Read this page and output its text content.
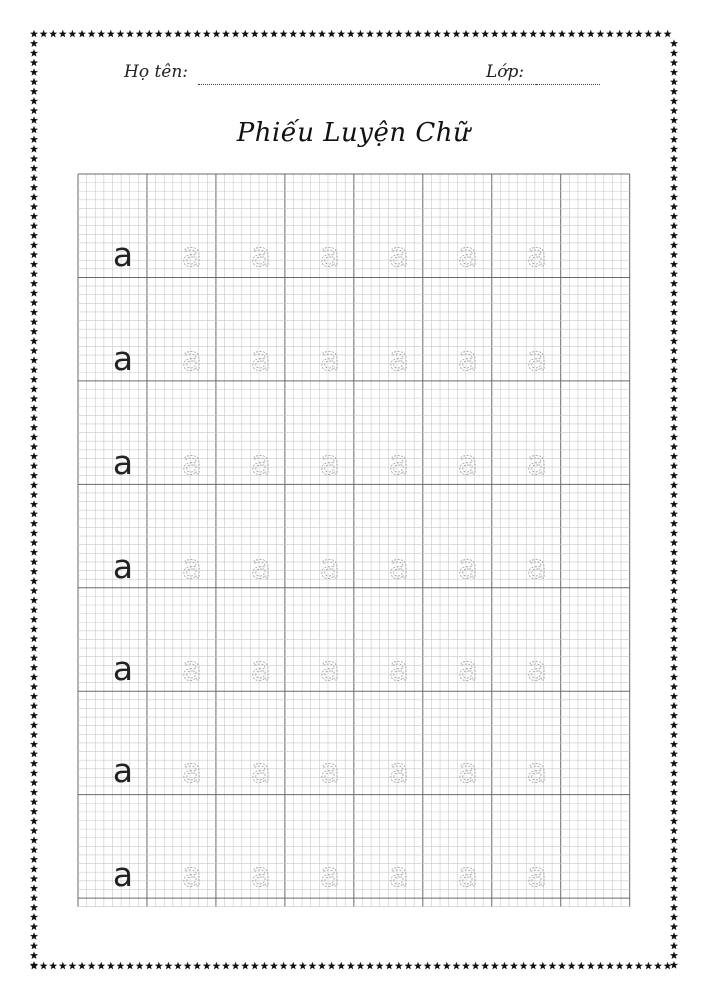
Họ tên:	Lớp:
Phiếu Luyện Chữ
a a a a a a a
a a a a a a a
a a a a a a a
a a a a a a a
a a a a a a a
a a a a a a a
a a a a a a a
